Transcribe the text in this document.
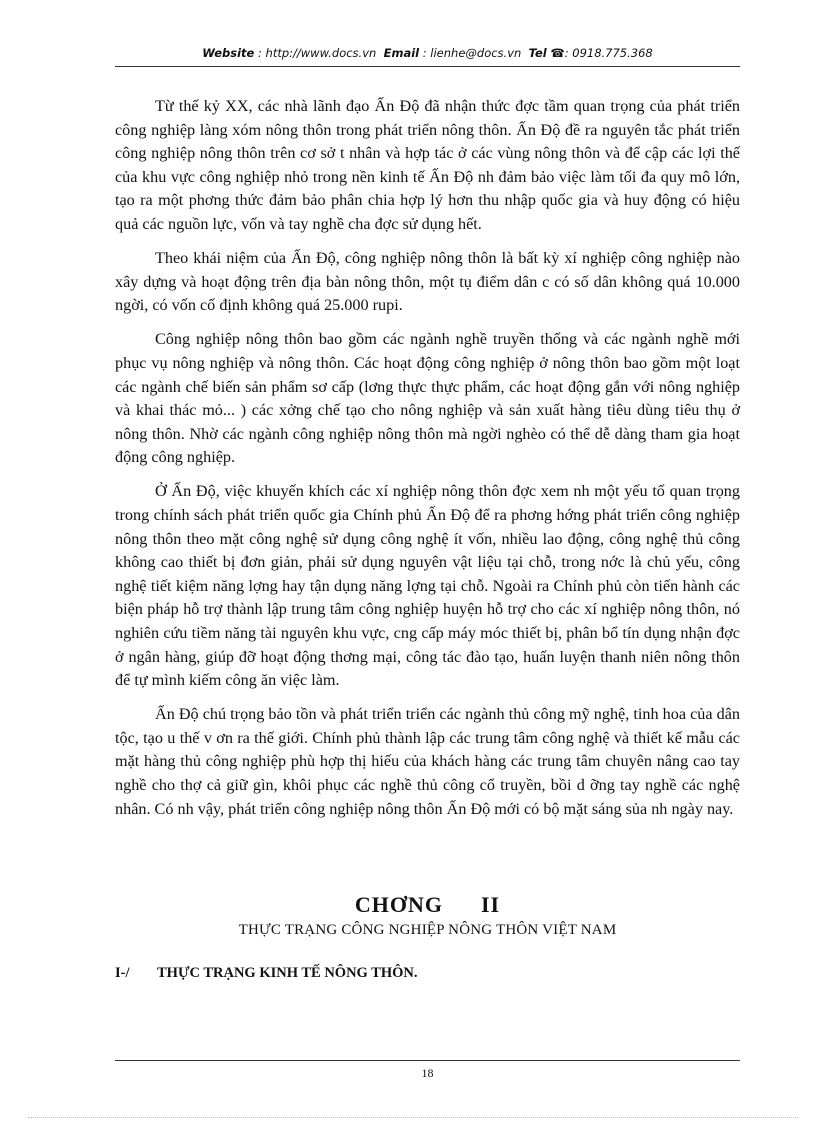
Website : http://www.docs.vn Email : lienhe@docs.vn Tel ☎: 0918.775.368

Từ thế kỷ XX, các nhà lãnh đạo Ấn Độ đã nhận thức đợc tầm quan trọng của phát triển công nghiệp làng xóm nông thôn trong phát triển nông thôn. Ấn Độ đề ra nguyên tắc phát triển công nghiệp nông thôn trên cơ sở t nhân và hợp tác ở các vùng nông thôn và để cập các lợi thế của khu vực công nghiệp nhỏ trong nền kinh tế Ấn Độ nh đảm bảo việc làm tối đa quy mô lớn, tạo ra một phơng thức đảm bảo phân chia hợp lý hơn thu nhập quốc gia và huy động có hiệu quả các nguồn lực, vốn và tay nghề cha đợc sử dụng hết.

Theo khái niệm của Ấn Độ, công nghiệp nông thôn là bất kỳ xí nghiệp công nghiệp nào xây dựng và hoạt động trên địa bàn nông thôn, một tụ điểm dân c có số dân không quá 10.000 ngời, có vốn cố định không quá 25.000 rupi.

Công nghiệp nông thôn bao gồm các ngành nghề truyền thống và các ngành nghề mới phục vụ nông nghiệp và nông thôn. Các hoạt động công nghiệp ở nông thôn bao gồm một loạt các ngành chế biến sản phẩm sơ cấp (lơng thực thực phẩm, các hoạt động gắn với nông nghiệp và khai thác mỏ... ) các xởng chế tạo cho nông nghiệp và sản xuất hàng tiêu dùng tiêu thụ ở nông thôn. Nhờ các ngành công nghiệp nông thôn mà ngời nghèo có thể dễ dàng tham gia hoạt động công nghiệp.

Ở Ấn Độ, việc khuyến khích các xí nghiệp nông thôn đợc xem nh một yếu tố quan trọng trong chính sách phát triển quốc gia Chính phủ Ấn Độ để ra phơng hớng phát triển công nghiệp nông thôn theo mặt công nghệ sử dụng công nghệ ít vốn, nhiều lao động, công nghệ thủ công không cao thiết bị đơn giản, phải sử dụng nguyên vật liệu tại chỗ, trong nớc là chủ yếu, công nghệ tiết kiệm năng lợng hay tận dụng năng lợng tại chỗ. Ngoài ra Chính phủ còn tiến hành các biện pháp hỗ trợ thành lập trung tâm công nghiệp huyện hỗ trợ cho các xí nghiệp nông thôn, nó nghiên cứu tiềm năng tài nguyên khu vực, cng cấp máy móc thiết bị, phân bổ tín dụng nhận đợc ở ngân hàng, giúp đỡ hoạt động thơng mại, công tác đào tạo, huấn luyện thanh niên nông thôn để tự mình kiếm công ăn việc làm.

Ấn Độ chú trọng bảo tồn và phát triển triển các ngành thủ công mỹ nghệ, tinh hoa của dân tộc, tạo u thế v ơn ra thế giới. Chính phủ thành lập các trung tâm công nghệ và thiết kế mẫu các mặt hàng thủ công nghiệp phù hợp thị hiếu của khách hàng các trung tâm chuyên nâng cao tay nghề cho thợ cả giữ gìn, khôi phục các nghề thủ công cổ truyền, bồi d ỡng tay nghề các nghệ nhân. Có nh vậy, phát triển công nghiệp nông thôn Ấn Độ mới có bộ mặt sáng sủa nh ngày nay.

CHƠNG II
THỰC TRẠNG CÔNG NGHIỆP NÔNG THÔN VIỆT NAM
I-/ THỰC TRẠNG KINH TẾ NÔNG THÔN.
18
